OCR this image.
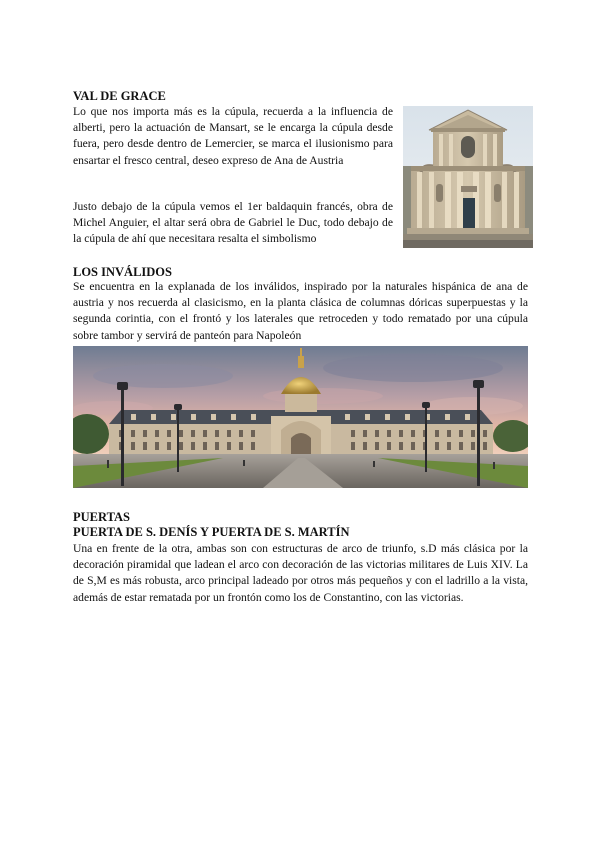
VAL DE GRACE

Lo que nos importa más es la cúpula, recuerda a la influencia de alberti, pero la actuación de Mansart, se le encarga la cúpula desde fuera, pero desde dentro de Lemercier, se marca el ilusionismo para ensartar el fresco central, deseo expreso de Ana de Austria

Justo debajo de la cúpula vemos el 1er baldaquin francés, obra de Michel Anguier, el altar será obra de Gabriel le Duc, todo debajo de la cúpula de ahí que necesitara resalta el simbolismo

LOS INVÁLIDOS

Se encuentra en la explanada de los inválidos, inspirado por la naturales hispánica de ana de austria y nos recuerda al clasicismo, en la planta clásica de columnas dóricas superpuestas y la segunda corintia, con el frontó y los laterales que retroceden y todo rematado por una cúpula sobre tambor y servirá de panteón para Napoleón

PUERTAS
PUERTA DE S. DENÍS Y PUERTA DE S. MARTÍN

Una en frente de la otra, ambas son con estructuras de arco de triunfo, s.D más clásica por la decoración piramidal que ladean el arco con decoración de las victorias militares de Luis XIV. La de S,M es más robusta, arco principal ladeado por otros más pequeños y con el ladrillo a la vista, además de estar rematada por un frontón como los de Constantino, con las victorias.
